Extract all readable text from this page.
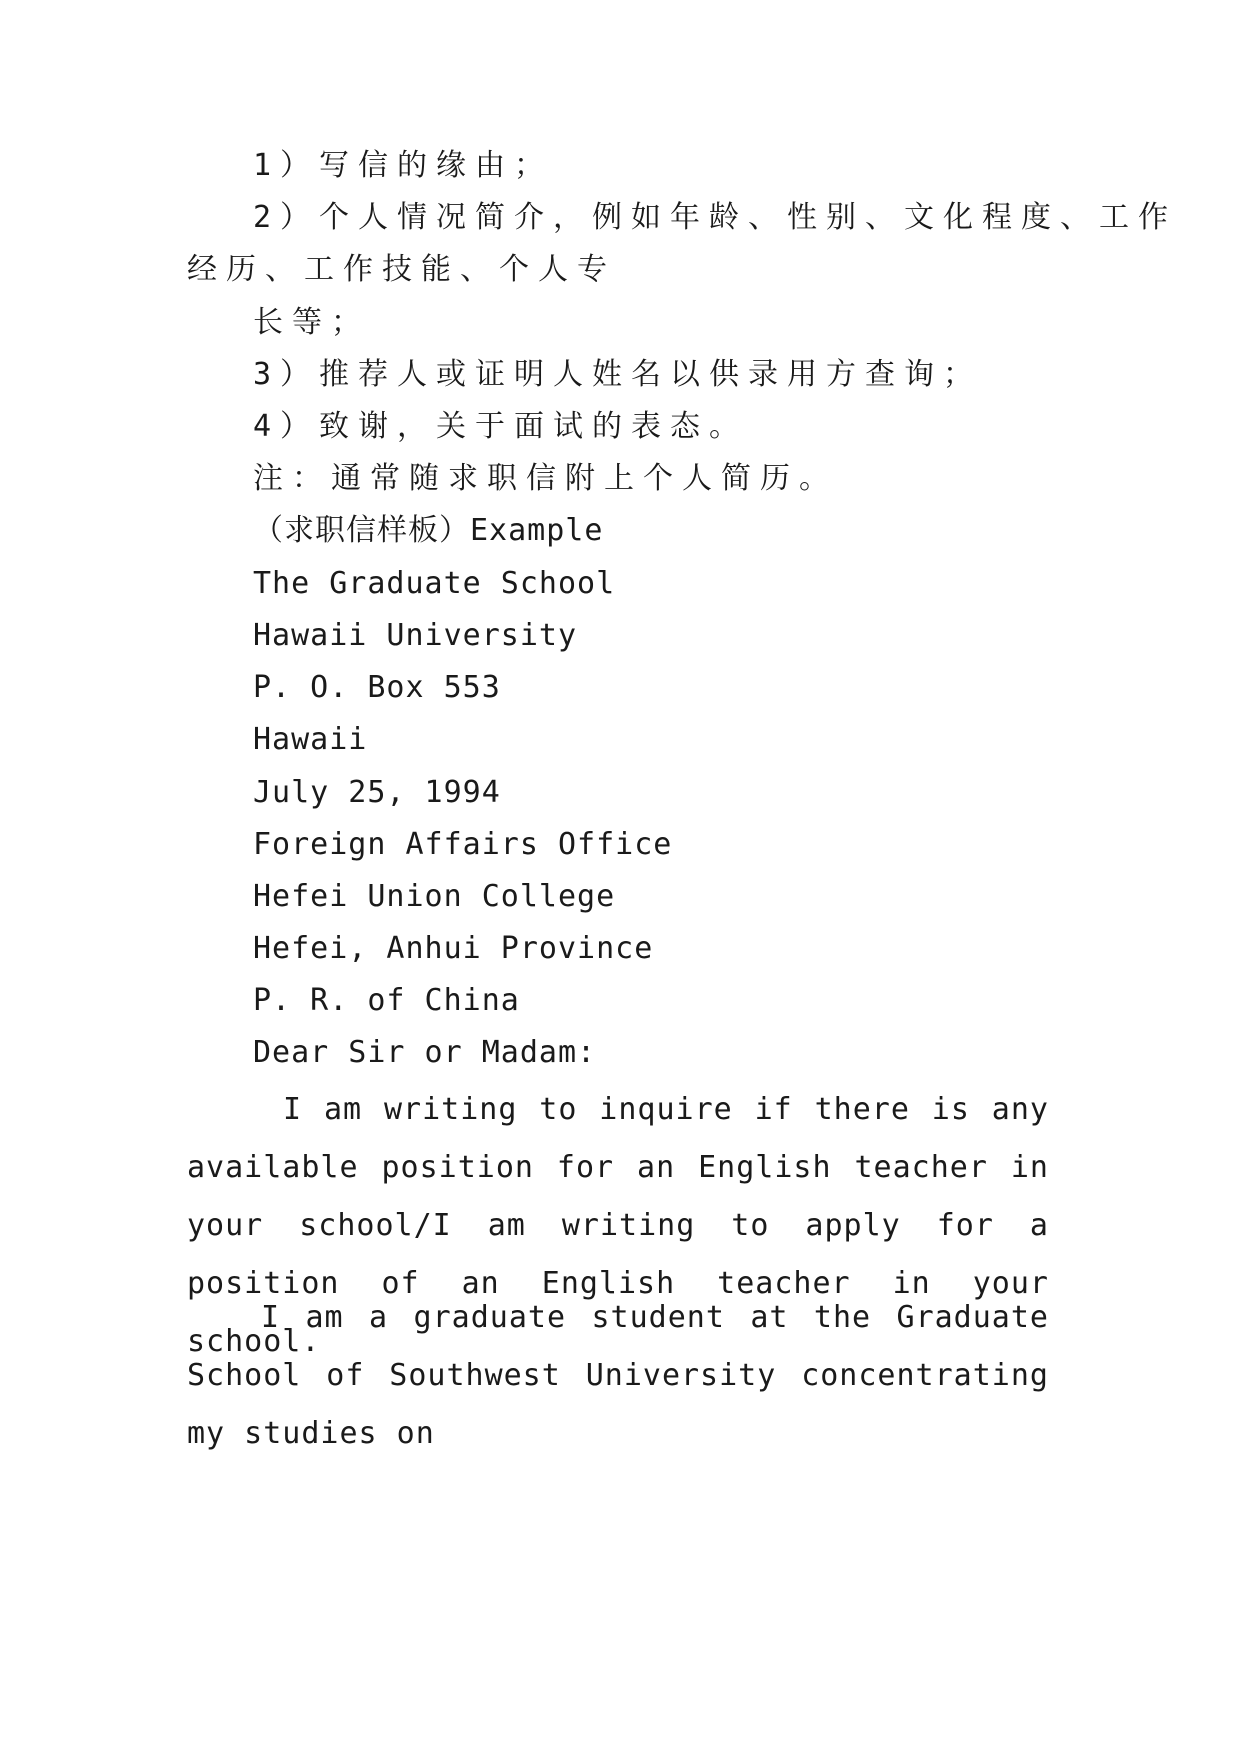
1）写信的缘由；
2）个人情况简介，例如年龄、性别、文化程度、工作
经历、工作技能、个人专
长等；
3）推荐人或证明人姓名以供录用方查询；
4）致谢，关于面试的表态。
注：通常随求职信附上个人简历。
（求职信样板）Example
The Graduate School
Hawaii University
P. O. Box 553
Hawaii
July 25, 1994
Foreign Affairs Office
Hefei Union College
Hefei, Anhui Province
P. R. of China
Dear Sir or Madam:
I am writing to inquire if there is any available position for an English teacher in your school/I am writing to apply for a position of an English teacher in your school.
I am a graduate student at the Graduate School of Southwest University concentrating my studies on
